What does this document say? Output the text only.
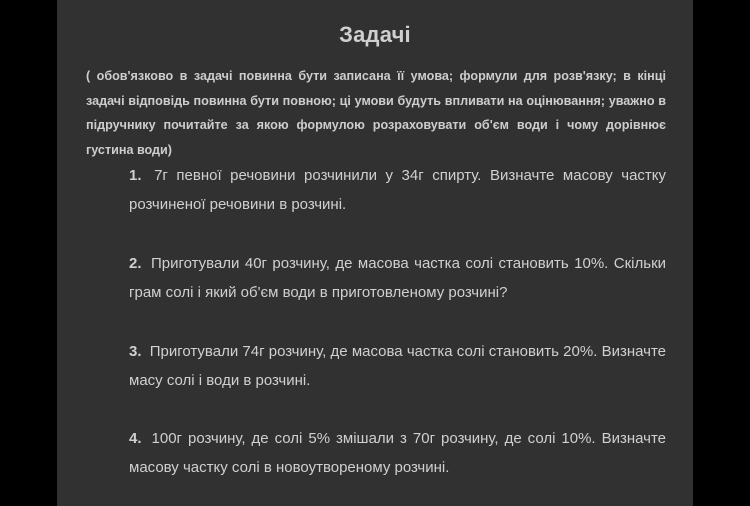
Задачі
( обов'язково в задачі повинна бути записана її умова; формули для розв'язку; в кінці задачі відповідь повинна бути повною; ці умови будуть впливати на оцінювання; уважно в підручнику почитайте за якою формулою розраховувати об'єм води і чому дорівнює густина води)
1. 7г певної речовини розчинили у 34г спирту. Визначте масову частку розчиненої речовини в розчині.
2. Приготували 40г розчину, де масова частка солі становить 10%. Скільки грам солі і який об'єм води в приготовленому розчині?
3. Приготували 74г розчину, де масова частка солі становить 20%. Визначте масу солі і води в розчині.
4. 100г розчину, де солі 5% змішали з 70г розчину, де солі 10%. Визначте масову частку солі в новоутвореному розчині.
